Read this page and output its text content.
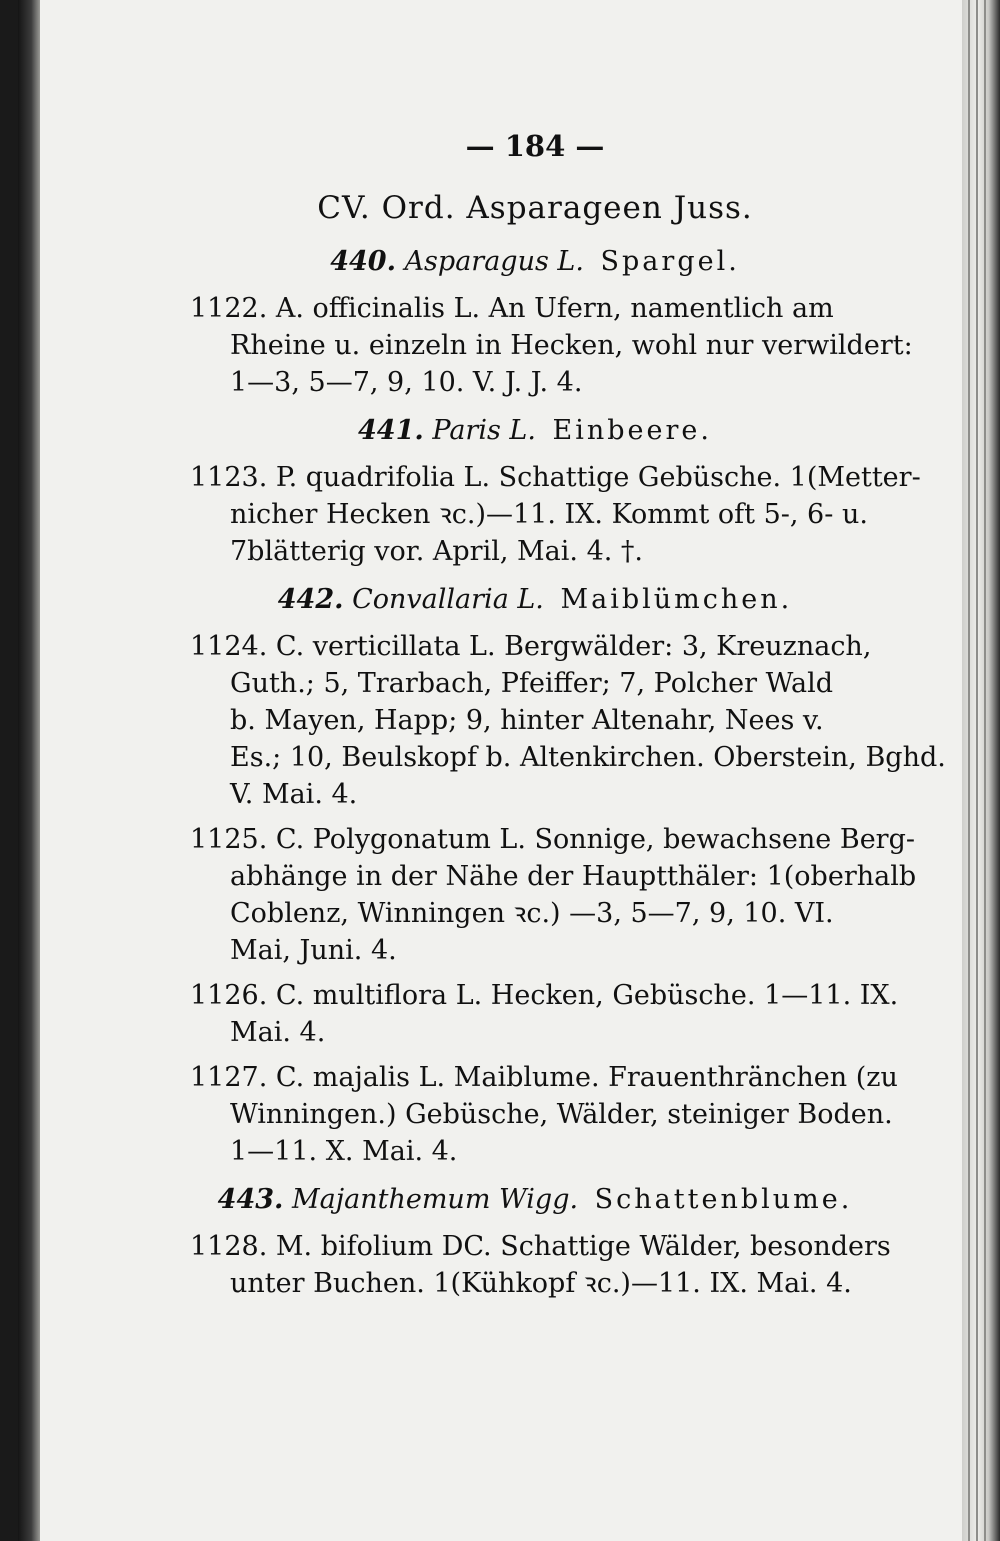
— 184 —
CV. Ord. Asparageen Juss.
440. Asparagus L. Spargel.

1122. A. officinalis L. An Ufern, namentlich am

Rheine u. einzeln in Hecken, wohl nur verwildert:

1—3, 5—7, 9, 10. V. J. J. 4.

441. Paris L. Einbeere.

1123. P. quadrifolia L. Schattige Gebüsche. 1(Metter-

nicher Hecken ꝛc.)—11. IX. Kommt oft 5-, 6- u.

7blätterig vor. April, Mai. 4. †.

442. Convallaria L. Maiblümchen.

1124. C. verticillata L. Bergwälder: 3, Kreuznach,

Guth.; 5, Trarbach, Pfeiffer; 7, Polcher Wald

b. Mayen, Happ; 9, hinter Altenahr, Nees v.

Es.; 10, Beulskopf b. Altenkirchen. Oberstein, Bghd.

V. Mai. 4.

1125. C. Polygonatum L. Sonnige, bewachsene Berg-

abhänge in der Nähe der Hauptthäler: 1(oberhalb

Coblenz, Winningen ꝛc.) —3, 5—7, 9, 10. VI.

Mai, Juni. 4.

1126. C. multiflora L. Hecken, Gebüsche. 1—11. IX.

Mai. 4.

1127. C. majalis L. Maiblume. Frauenthränchen (zu

Winningen.) Gebüsche, Wälder, steiniger Boden.

1—11. X. Mai. 4.

443. Majanthemum Wigg. Schattenblume.

1128. M. bifolium DC. Schattige Wälder, besonders

unter Buchen. 1(Kühkopf ꝛc.)—11. IX. Mai. 4.
